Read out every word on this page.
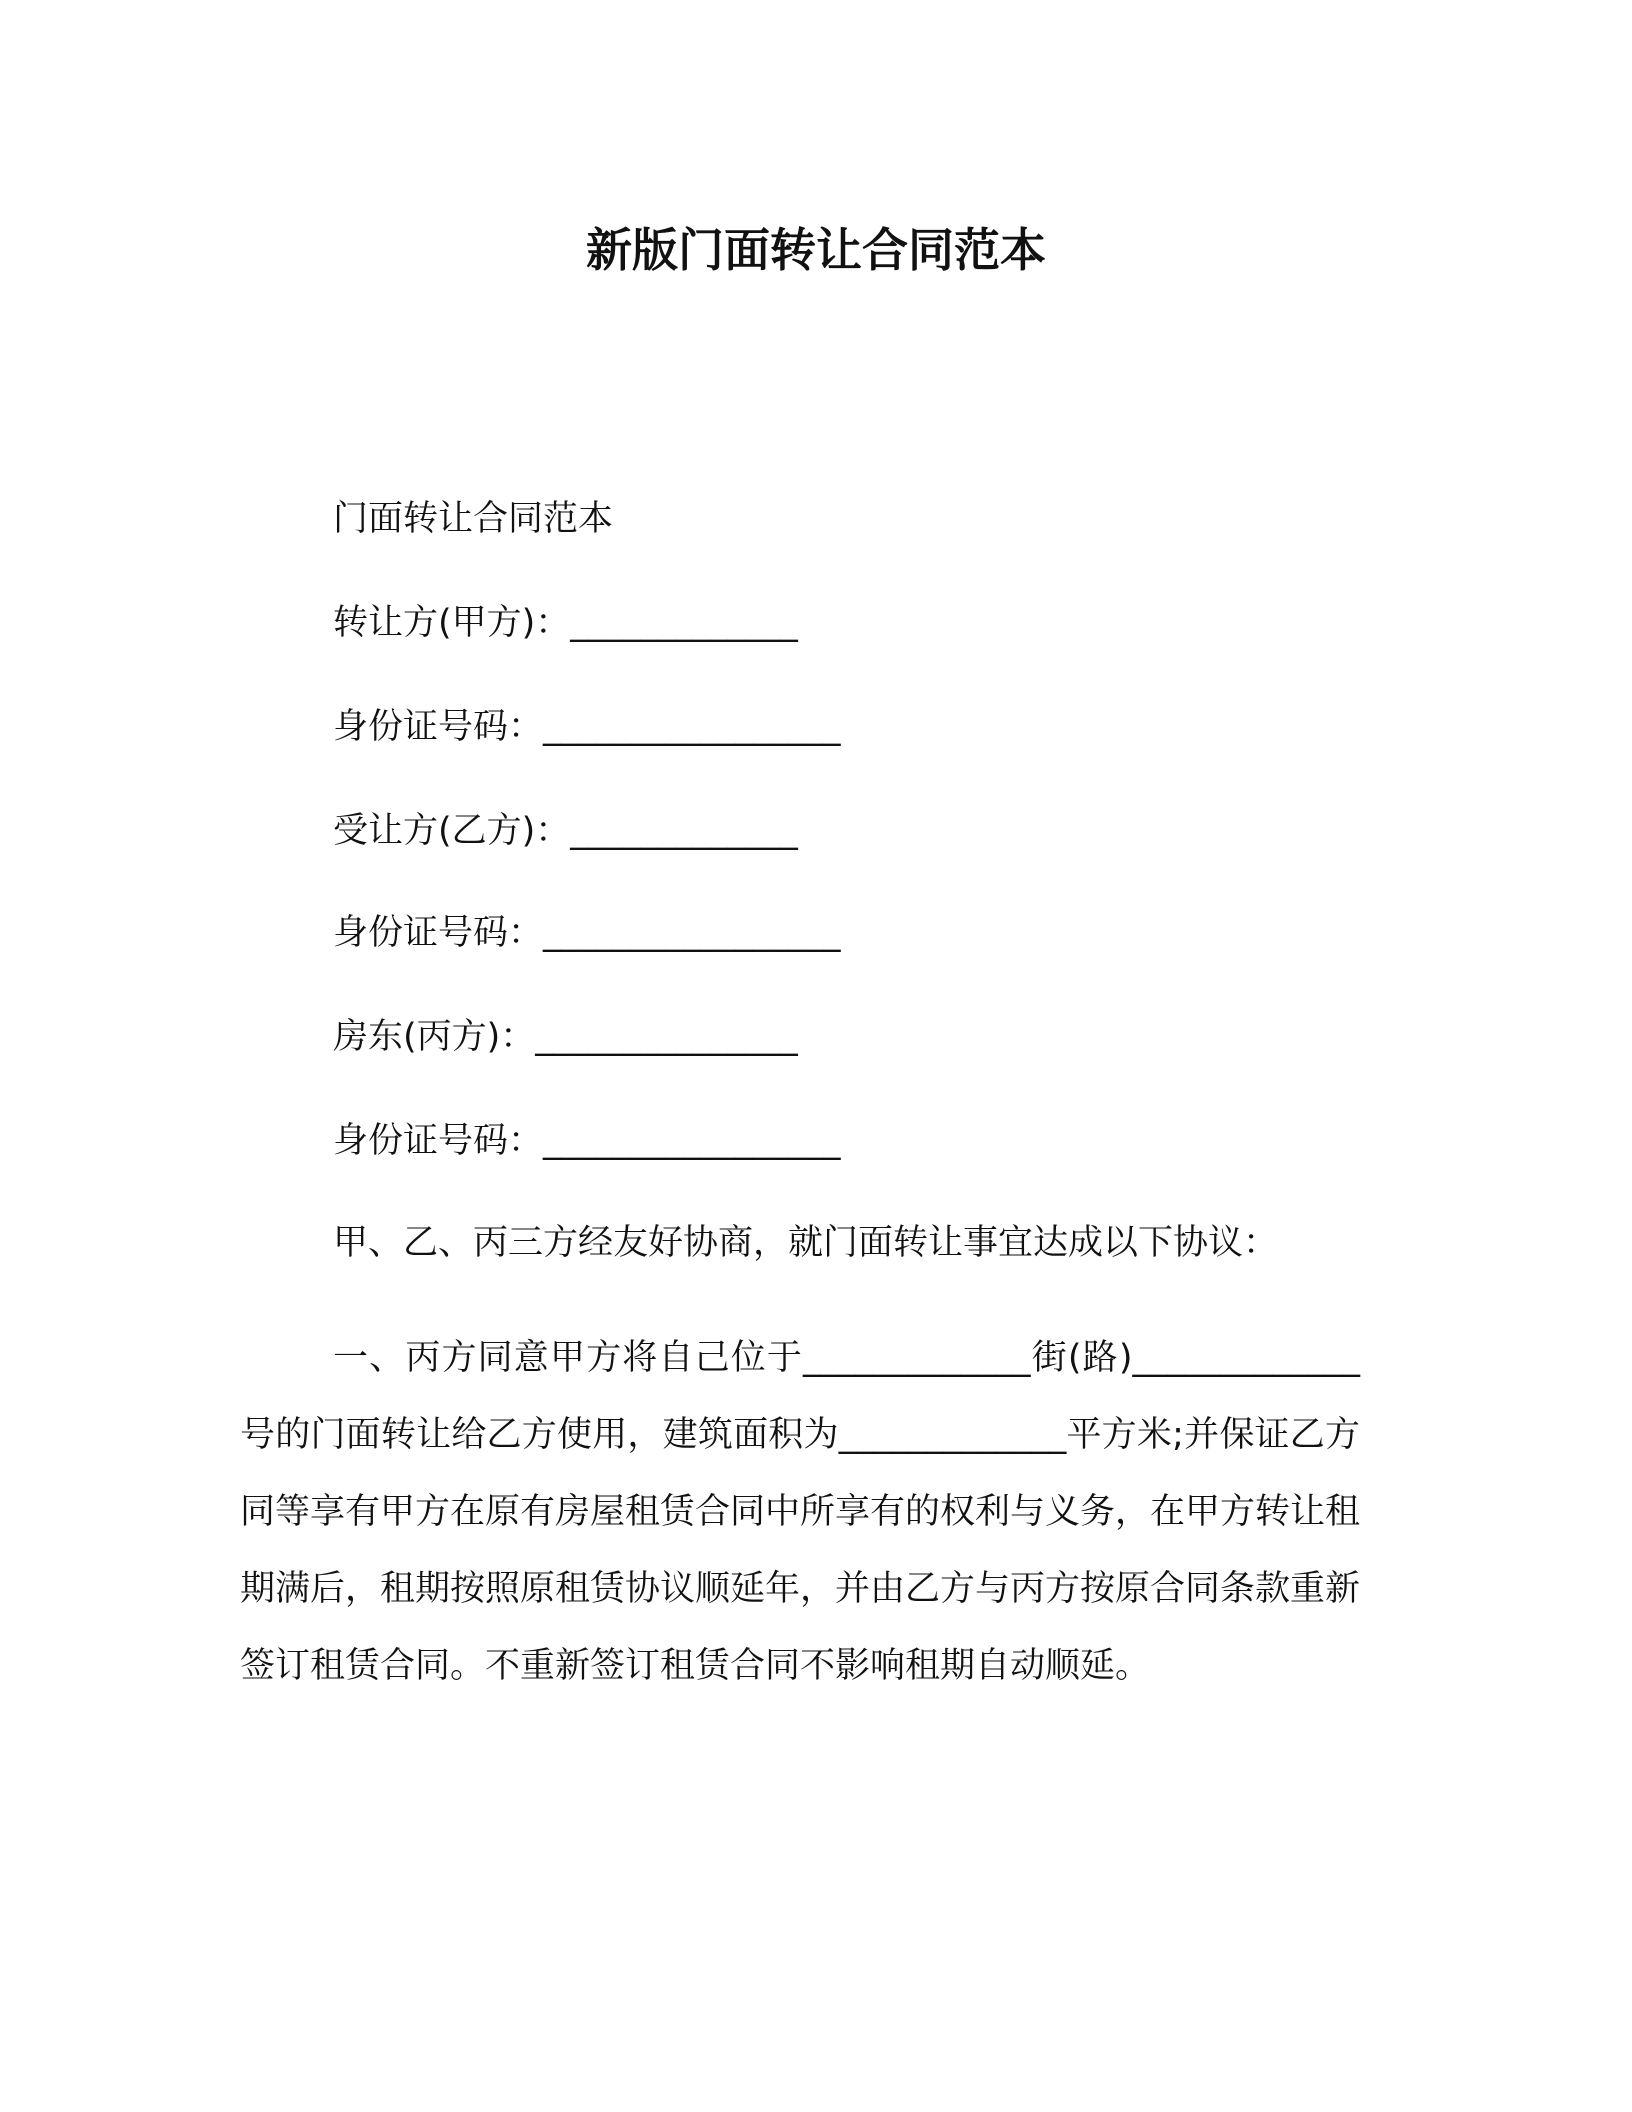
新版门面转让合同范本
门面转让合同范本
转让方(甲方)：_____________
身份证号码：_________________
受让方(乙方)：_____________
身份证号码：_________________
房东(丙方)：_______________
身份证号码：_________________
甲、乙、丙三方经友好协商，就门面转让事宜达成以下协议：
一、丙方同意甲方将自己位于_____________街(路)_____________号的门面转让给乙方使用，建筑面积为_____________平方米;并保证乙方同等享有甲方在原有房屋租赁合同中所享有的权利与义务，在甲方转让租期满后，租期按照原租赁协议顺延年，并由乙方与丙方按原合同条款重新签订租赁合同。不重新签订租赁合同不影响租期自动顺延。
